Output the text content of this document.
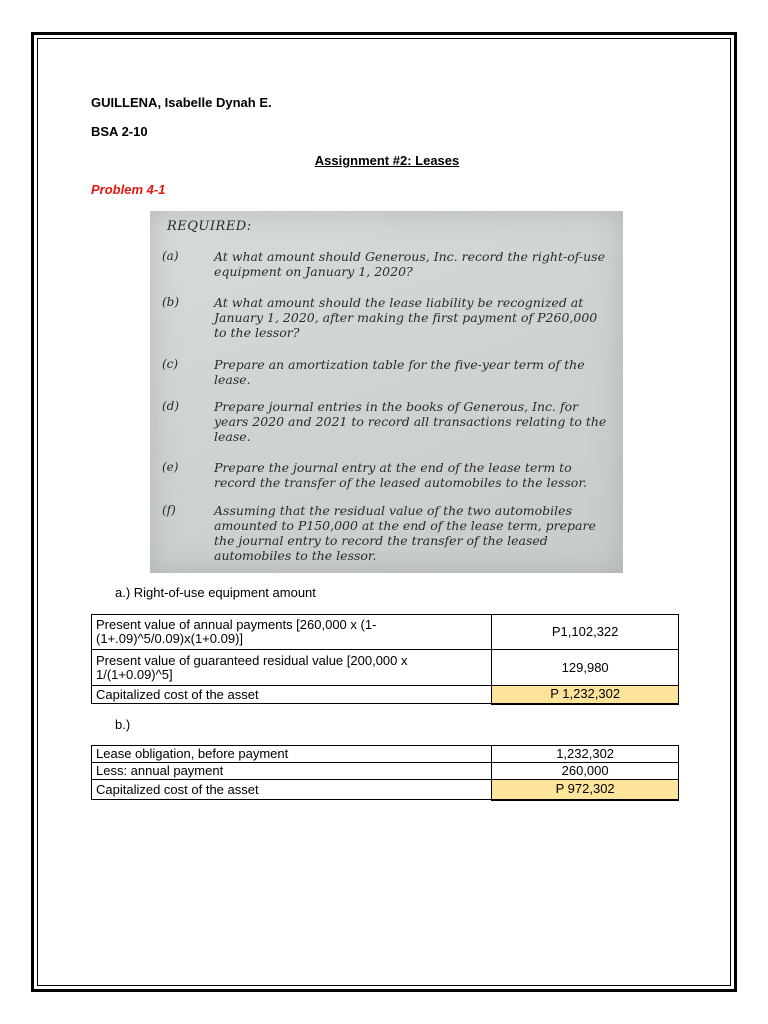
GUILLENA, Isabelle Dynah E.
BSA 2-10
Assignment #2: Leases
Problem 4-1
REQUIRED:
(a)	At what amount should Generous, Inc. record the right-of-use equipment on January 1, 2020?
(b)	At what amount should the lease liability be recognized at January 1, 2020, after making the first payment of P260,000 to the lessor?
(c)	Prepare an amortization table for the five-year term of the lease.
(d)	Prepare journal entries in the books of Generous, Inc. for years 2020 and 2021 to record all transactions relating to the lease.
(e)	Prepare the journal entry at the end of the lease term to record the transfer of the leased automobiles to the lessor.
(f)	Assuming that the residual value of the two automobiles amounted to P150,000 at the end of the lease term, prepare the journal entry to record the transfer of the leased automobiles to the lessor.
a.) Right-of-use equipment amount
Present value of annual payments [260,000 x (1-(1+.09)^5/0.09)x(1+0.09)]	P1,102,322
Present value of guaranteed residual value [200,000 x 1/(1+0.09)^5]	129,980
Capitalized cost of the asset	P 1,232,302
b.)
Lease obligation, before payment	1,232,302
Less: annual payment	260,000
Capitalized cost of the asset	P 972,302
